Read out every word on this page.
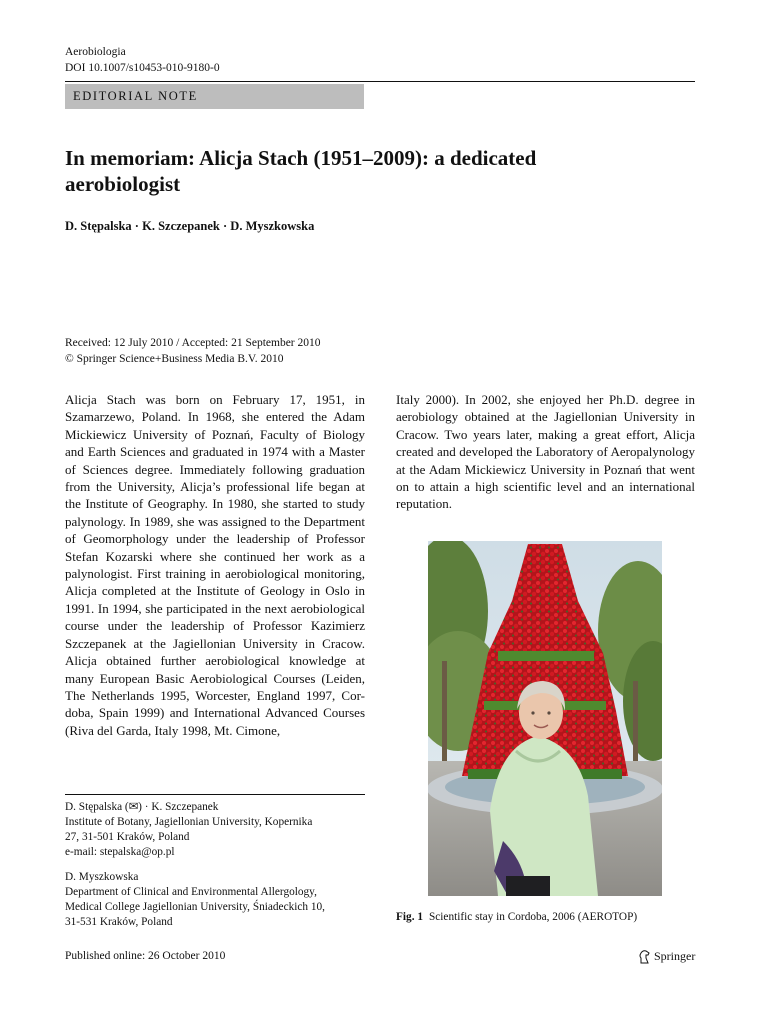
Aerobiologia
DOI 10.1007/s10453-010-9180-0
EDITORIAL NOTE
In memoriam: Alicja Stach (1951–2009): a dedicated aerobiologist
D. Stępalska · K. Szczepanek · D. Myszkowska
Received: 12 July 2010 / Accepted: 21 September 2010
© Springer Science+Business Media B.V. 2010
Alicja Stach was born on February 17, 1951, in Szamarzewo, Poland. In 1968, she entered the Adam Mickiewicz University of Poznań, Faculty of Biology and Earth Sciences and graduated in 1974 with a Master of Sciences degree. Immediately following graduation from the University, Alicja’s professional life began at the Institute of Geography. In 1980, she started to study palynology. In 1989, she was assigned to the Department of Geomorphology under the leadership of Professor Stefan Kozarski where she continued her work as a palynologist. First training in aerobiological monitoring, Alicja completed at the Institute of Geology in Oslo in 1991. In 1994, she participated in the next aerobiological course under the leadership of Professor Kazimierz Szczepanek at the Jagiellonian University in Cracow. Alicja obtained further aerobiological knowledge at many European Basic Aerobiological Courses (Leiden, The Netherlands 1995, Worcester, England 1997, Cor-doba, Spain 1999) and International Advanced Courses (Riva del Garda, Italy 1998, Mt. Cimone,
Italy 2000). In 2002, she enjoyed her Ph.D. degree in aerobiology obtained at the Jagiellonian University in Cracow. Two years later, making a great effort, Alicja created and developed the Laboratory of Aeropalynology at the Adam Mickiewicz University in Poznań that went on to attain a high scientific level and an international reputation.
D. Stępalska (✉) · K. Szczepanek
Institute of Botany, Jagiellonian University, Kopernika
27, 31-501 Kraków, Poland
e-mail: stepalska@op.pl
D. Myszkowska
Department of Clinical and Environmental Allergology,
Medical College Jagiellonian University, Śniadeckich 10,
31-531 Kraków, Poland	Fig. 1 Scientific stay in Cordoba, 2006 (AEROTOP)
Published online: 26 October 2010	Springer
